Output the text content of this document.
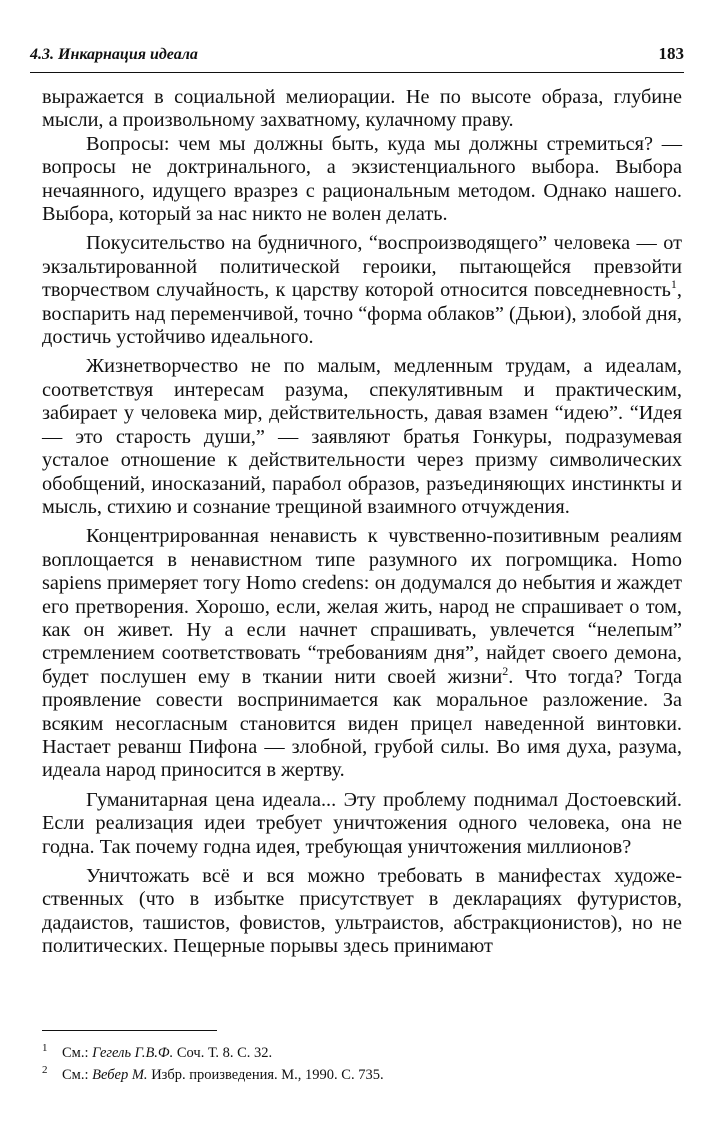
4.3. Инкарнация идеала	183

выражается в социальной мелиорации. Не по высоте образа, глубине мысли, а произвольному захватному, кулачному праву.

Вопросы: чем мы должны быть, куда мы должны стремиться? — вопросы не доктринального, а экзистенциального выбора. Выбора нечаянного, идущего вразрез с рациональным методом. Однако нашего. Выбора, который за нас никто не волен делать.

Покусительство на будничного, “воспроизводящего” человека — от экзальтированной политической героики, пытающейся превзойти творчеством случайность, к царству которой относится повседневность$^1$, воспарить над переменчивой, точно “форма облаков” (Дьюи), злобой дня, достичь устойчиво идеального.

Жизнетворчество не по малым, медленным трудам, а идеалам, соответствуя интересам разума, спекулятивным и практическим, забирает у человека мир, действительность, давая взамен “идею”. “Идея — это старость души,” — заявляют братья Гонкуры, подразумевая усталое отношение к действительности через призму символических обобщений, иносказаний, парабол образов, разъединяющих инстинкты и мысль, стихию и сознание трещиной взаимного отчуждения.

Концентрированная ненависть к чувственно-позитивным реалиям воплощается в ненавистном типе разумного их погромщика. Homo sapiens примеряет тогу Homo credens: он додумался до небытия и жаждет его претворения. Хорошо, если, желая жить, народ не спрашивает о том, как он живет. Ну а если начнет спрашивать, увлечется “нелепым” стремлением соответствовать “требованиям дня”, найдет своего демона, будет послушен ему в ткании нити своей жизни$^2$. Что тогда? Тогда проявление совести воспринимается как моральное разложение. За всяким несогласным становится виден прицел наведенной винтовки. Настает реванш Пифона — злобной, грубой силы. Во имя духа, разума, идеала народ приносится в жертву.

Гуманитарная цена идеала... Эту проблему поднимал Достоевский. Если реализация идеи требует уничтожения одного человека, она не годна. Так почему годна идея, требующая уничтожения миллионов?

Уничтожать всё и вся можно требовать в манифестах художественных (что в избытке присутствует в декларациях футуристов, дадаистов, ташистов, фовистов, ультраистов, абстракционистов), но не политических. Пещерные порывы здесь принимают

1	См.: Гегель Г.В.Ф. Соч. Т. 8. С. 32.
2	См.: Вебер М. Избр. произведения. М., 1990. С. 735.
